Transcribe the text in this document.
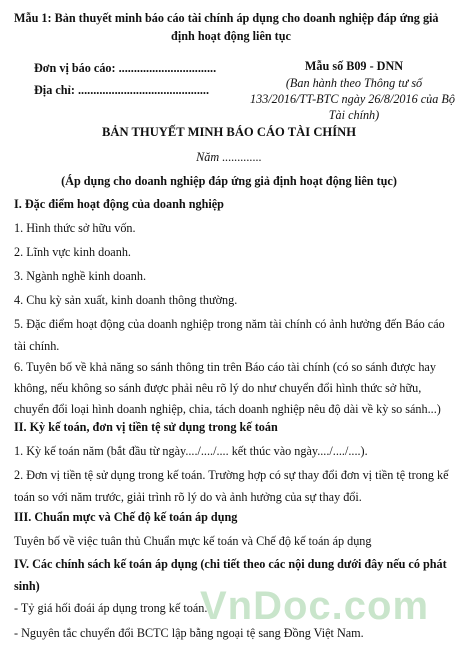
Mẫu 1: Bản thuyết minh báo cáo tài chính áp dụng cho doanh nghiệp đáp ứng giả
định hoạt động liên tục
Đơn vị báo cáo: ................................
Địa chỉ: ...........................................
Mẫu số B09 - DNN
(Ban hành theo Thông tư số
133/2016/TT-BTC ngày 26/8/2016 của Bộ
Tài chính)
BẢN THUYẾT MINH BÁO CÁO TÀI CHÍNH
Năm .............
(Áp dụng cho doanh nghiệp đáp ứng giả định hoạt động liên tục)
I. Đặc điểm hoạt động của doanh nghiệp
1. Hình thức sở hữu vốn.
2. Lĩnh vực kinh doanh.
3. Ngành nghề kinh doanh.
4. Chu kỳ sản xuất, kinh doanh thông thường.
5. Đặc điểm hoạt động của doanh nghiệp trong năm tài chính có ảnh hưởng đến Báo cáo
tài chính.
6. Tuyên bố về khả năng so sánh thông tin trên Báo cáo tài chính (có so sánh được hay
không, nếu không so sánh được phải nêu rõ lý do như chuyển đổi hình thức sở hữu,
chuyển đổi loại hình doanh nghiệp, chia, tách doanh nghiệp nêu độ dài về kỳ so sánh...)
II. Kỳ kế toán, đơn vị tiền tệ sử dụng trong kế toán
1. Kỳ kế toán năm (bắt đầu từ ngày..../..../.... kết thúc vào ngày..../..../....).
2. Đơn vị tiền tệ sử dụng trong kế toán. Trường hợp có sự thay đổi đơn vị tiền tệ trong kế
toán so với năm trước, giải trình rõ lý do và ảnh hưởng của sự thay đổi.
III. Chuẩn mực và Chế độ kế toán áp dụng
Tuyên bố về việc tuân thủ Chuẩn mực kế toán và Chế độ kế toán áp dụng
IV. Các chính sách kế toán áp dụng (chi tiết theo các nội dung dưới đây nếu có phát
sinh)
- Tỷ giá hối đoái áp dụng trong kế toán.
- Nguyên tắc chuyển đổi BCTC lập bằng ngoại tệ sang Đồng Việt Nam.
VnDoc.com
